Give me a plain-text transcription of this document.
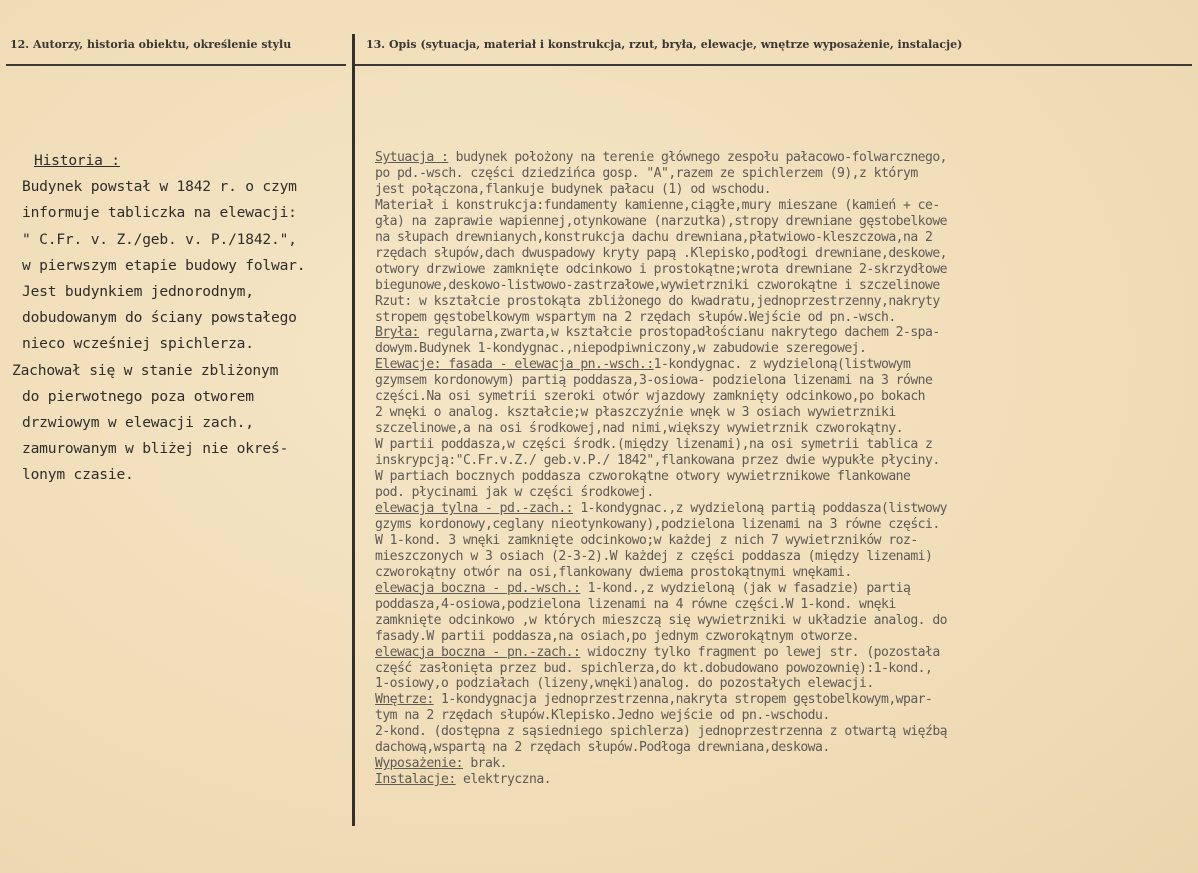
12. Autorzy, historia obiektu, określenie stylu	13. Opis (sytuacja, materiał i konstrukcja, rzut, bryła, elewacje, wnętrze wyposażenie, instalacje)
Historia :
Budynek powstał w 1842 r. o czym
informuje tabliczka na elewacji:
" C.Fr. v. Z./geb. v. P./1842.",
w pierwszym etapie budowy folwar.
Jest budynkiem jednorodnym,
dobudowanym do ściany powstałego
nieco wcześniej spichlerza.
Zachował się w stanie zbliżonym
do pierwotnego poza otworem
drzwiowym w elewacji zach.,
zamurowanym w bliżej nie okreś-
lonym czasie.
Sytuacja : budynek położony na terenie głównego zespołu pałacowo-folwarcznego,
po pd.-wsch. części dziedzińca gosp. "A",razem ze spichlerzem (9),z którym
jest połączona,flankuje budynek pałacu (1) od wschodu.
Materiał i konstrukcja:fundamenty kamienne,ciągłe,mury mieszane (kamień + ce-
gła) na zaprawie wapiennej,otynkowane (narzutka),stropy drewniane gęstobelkowe
na słupach drewnianych,konstrukcja dachu drewniana,płatwiowo-kleszczowa,na 2
rzędach słupów,dach dwuspadowy kryty papą .Klepisko,podłogi drewniane,deskowe,
otwory drzwiowe zamknięte odcinkowo i prostokątne;wrota drewniane 2-skrzydłowe
biegunowe,deskowo-listwowo-zastrzałowe,wywietrzniki czworokątne i szczelinowe
Rzut: w kształcie prostokąta zbliżonego do kwadratu,jednoprzestrzenny,nakryty
stropem gęstobelkowym wspartym na 2 rzędach słupów.Wejście od pn.-wsch.
Bryła: regularna,zwarta,w kształcie prostopadłościanu nakrytego dachem 2-spa-
dowym.Budynek 1-kondygnac.,niepodpiwniczony,w zabudowie szeregowej.
Elewacje: fasada - elewacja pn.-wsch.:1-kondygnac. z wydzieloną(listwowym
gzymsem kordonowym) partią poddasza,3-osiowa- podzielona lizenami na 3 równe
części.Na osi symetrii szeroki otwór wjazdowy zamknięty odcinkowo,po bokach
2 wnęki o analog. kształcie;w płaszczyźnie wnęk w 3 osiach wywietrzniki
szczelinowe,a na osi środkowej,nad nimi,większy wywietrznik czworokątny.
W partii poddasza,w części środk.(między lizenami),na osi symetrii tablica z
inskrypcją:"C.Fr.v.Z./ geb.v.P./ 1842",flankowana przez dwie wypukłe płyciny.
W partiach bocznych poddasza czworokątne otwory wywietrznikowe flankowane
pod. płycinami jak w części środkowej.
elewacja tylna - pd.-zach.: 1-kondygnac.,z wydzieloną partią poddasza(listwowy
gzyms kordonowy,ceglany nieotynkowany),podzielona lizenami na 3 równe części.
W 1-kond. 3 wnęki zamknięte odcinkowo;w każdej z nich 7 wywietrzników roz-
mieszczonych w 3 osiach (2-3-2).W każdej z części poddasza (między lizenami)
czworokątny otwór na osi,flankowany dwiema prostokątnymi wnękami.
elewacja boczna - pd.-wsch.: 1-kond.,z wydzieloną (jak w fasadzie) partią
poddasza,4-osiowa,podzielona lizenami na 4 równe części.W 1-kond. wnęki
zamknięte odcinkowo ,w których mieszczą się wywietrzniki w układzie analog. do
fasady.W partii poddasza,na osiach,po jednym czworokątnym otworze.
elewacja boczna - pn.-zach.: widoczny tylko fragment po lewej str. (pozostała
część zasłonięta przez bud. spichlerza,do kt.dobudowano powozownię):1-kond.,
1-osiowy,o podziałach (lizeny,wnęki)analog. do pozostałych elewacji.
Wnętrze: 1-kondygnacja jednoprzestrzenna,nakryta stropem gęstobelkowym,wpar-
tym na 2 rzędach słupów.Klepisko.Jedno wejście od pn.-wschodu.
2-kond. (dostępna z sąsiedniego spichlerza) jednoprzestrzenna z otwartą więźbą
dachową,wspartą na 2 rzędach słupów.Podłoga drewniana,deskowa.
Wyposażenie: brak.
Instalacje: elektryczna.
